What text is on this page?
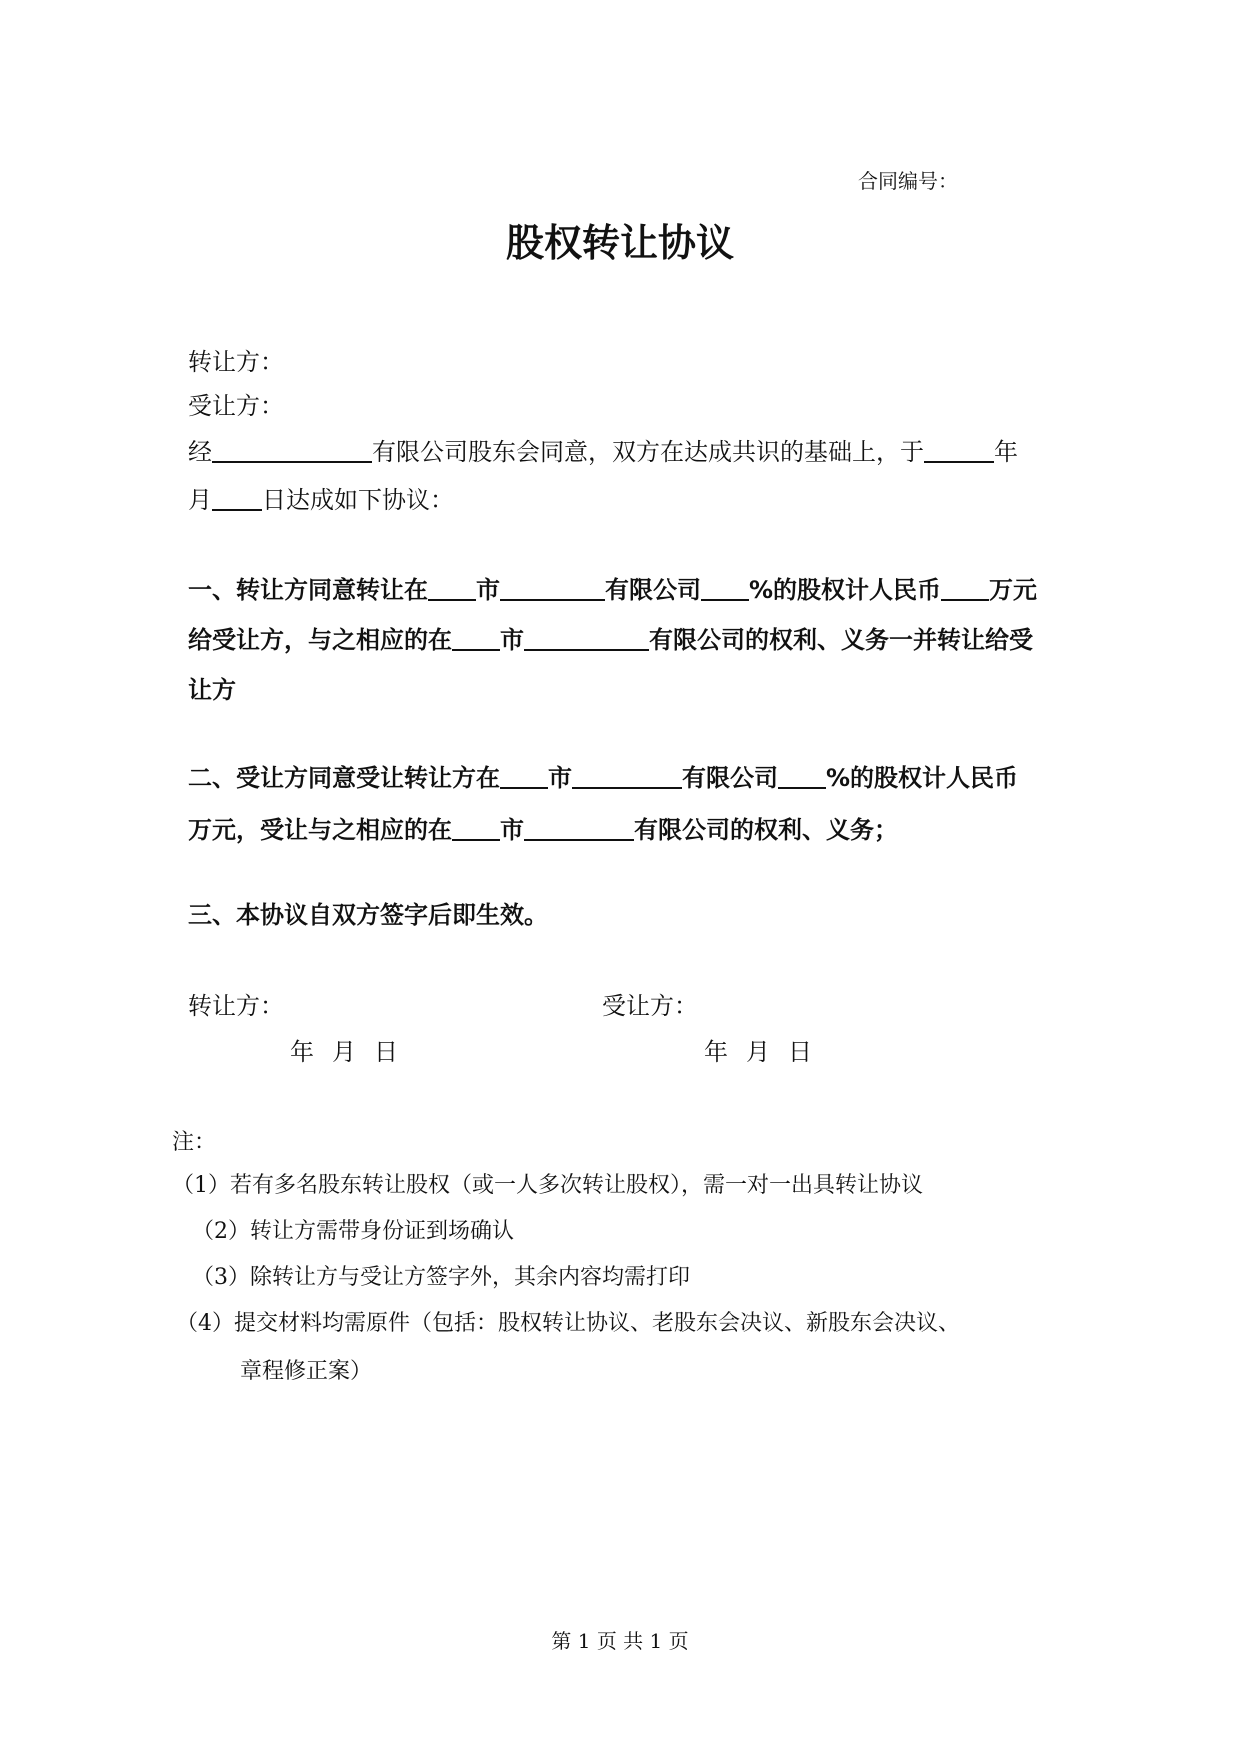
合同编号：
股权转让协议
转让方：
受让方：
经	有限公司股东会同意，双方在达成共识的基础上，于	年
月 日达成如下协议：
一、转让方同意转让在 市	有限公司 %的股权计人民币 万元
给受让方，与之相应的在 市	有限公司的权利、义务一并转让给受
让方
二、受让方同意受让转让方在 市	有限公司 %的股权计人民币
万元，受让与之相应的在 市	有限公司的权利、义务；
三、本协议自双方签字后即生效。
转让方：	受让方：
年 月 日	年 月 日
注：
（1）若有多名股东转让股权（或一人多次转让股权），需一对一出具转让协议
（2）转让方需带身份证到场确认
（3）除转让方与受让方签字外，其余内容均需打印
（4）提交材料均需原件（包括：股权转让协议、老股东会决议、新股东会决议、
章程修正案）
第 1 页 共 1 页
